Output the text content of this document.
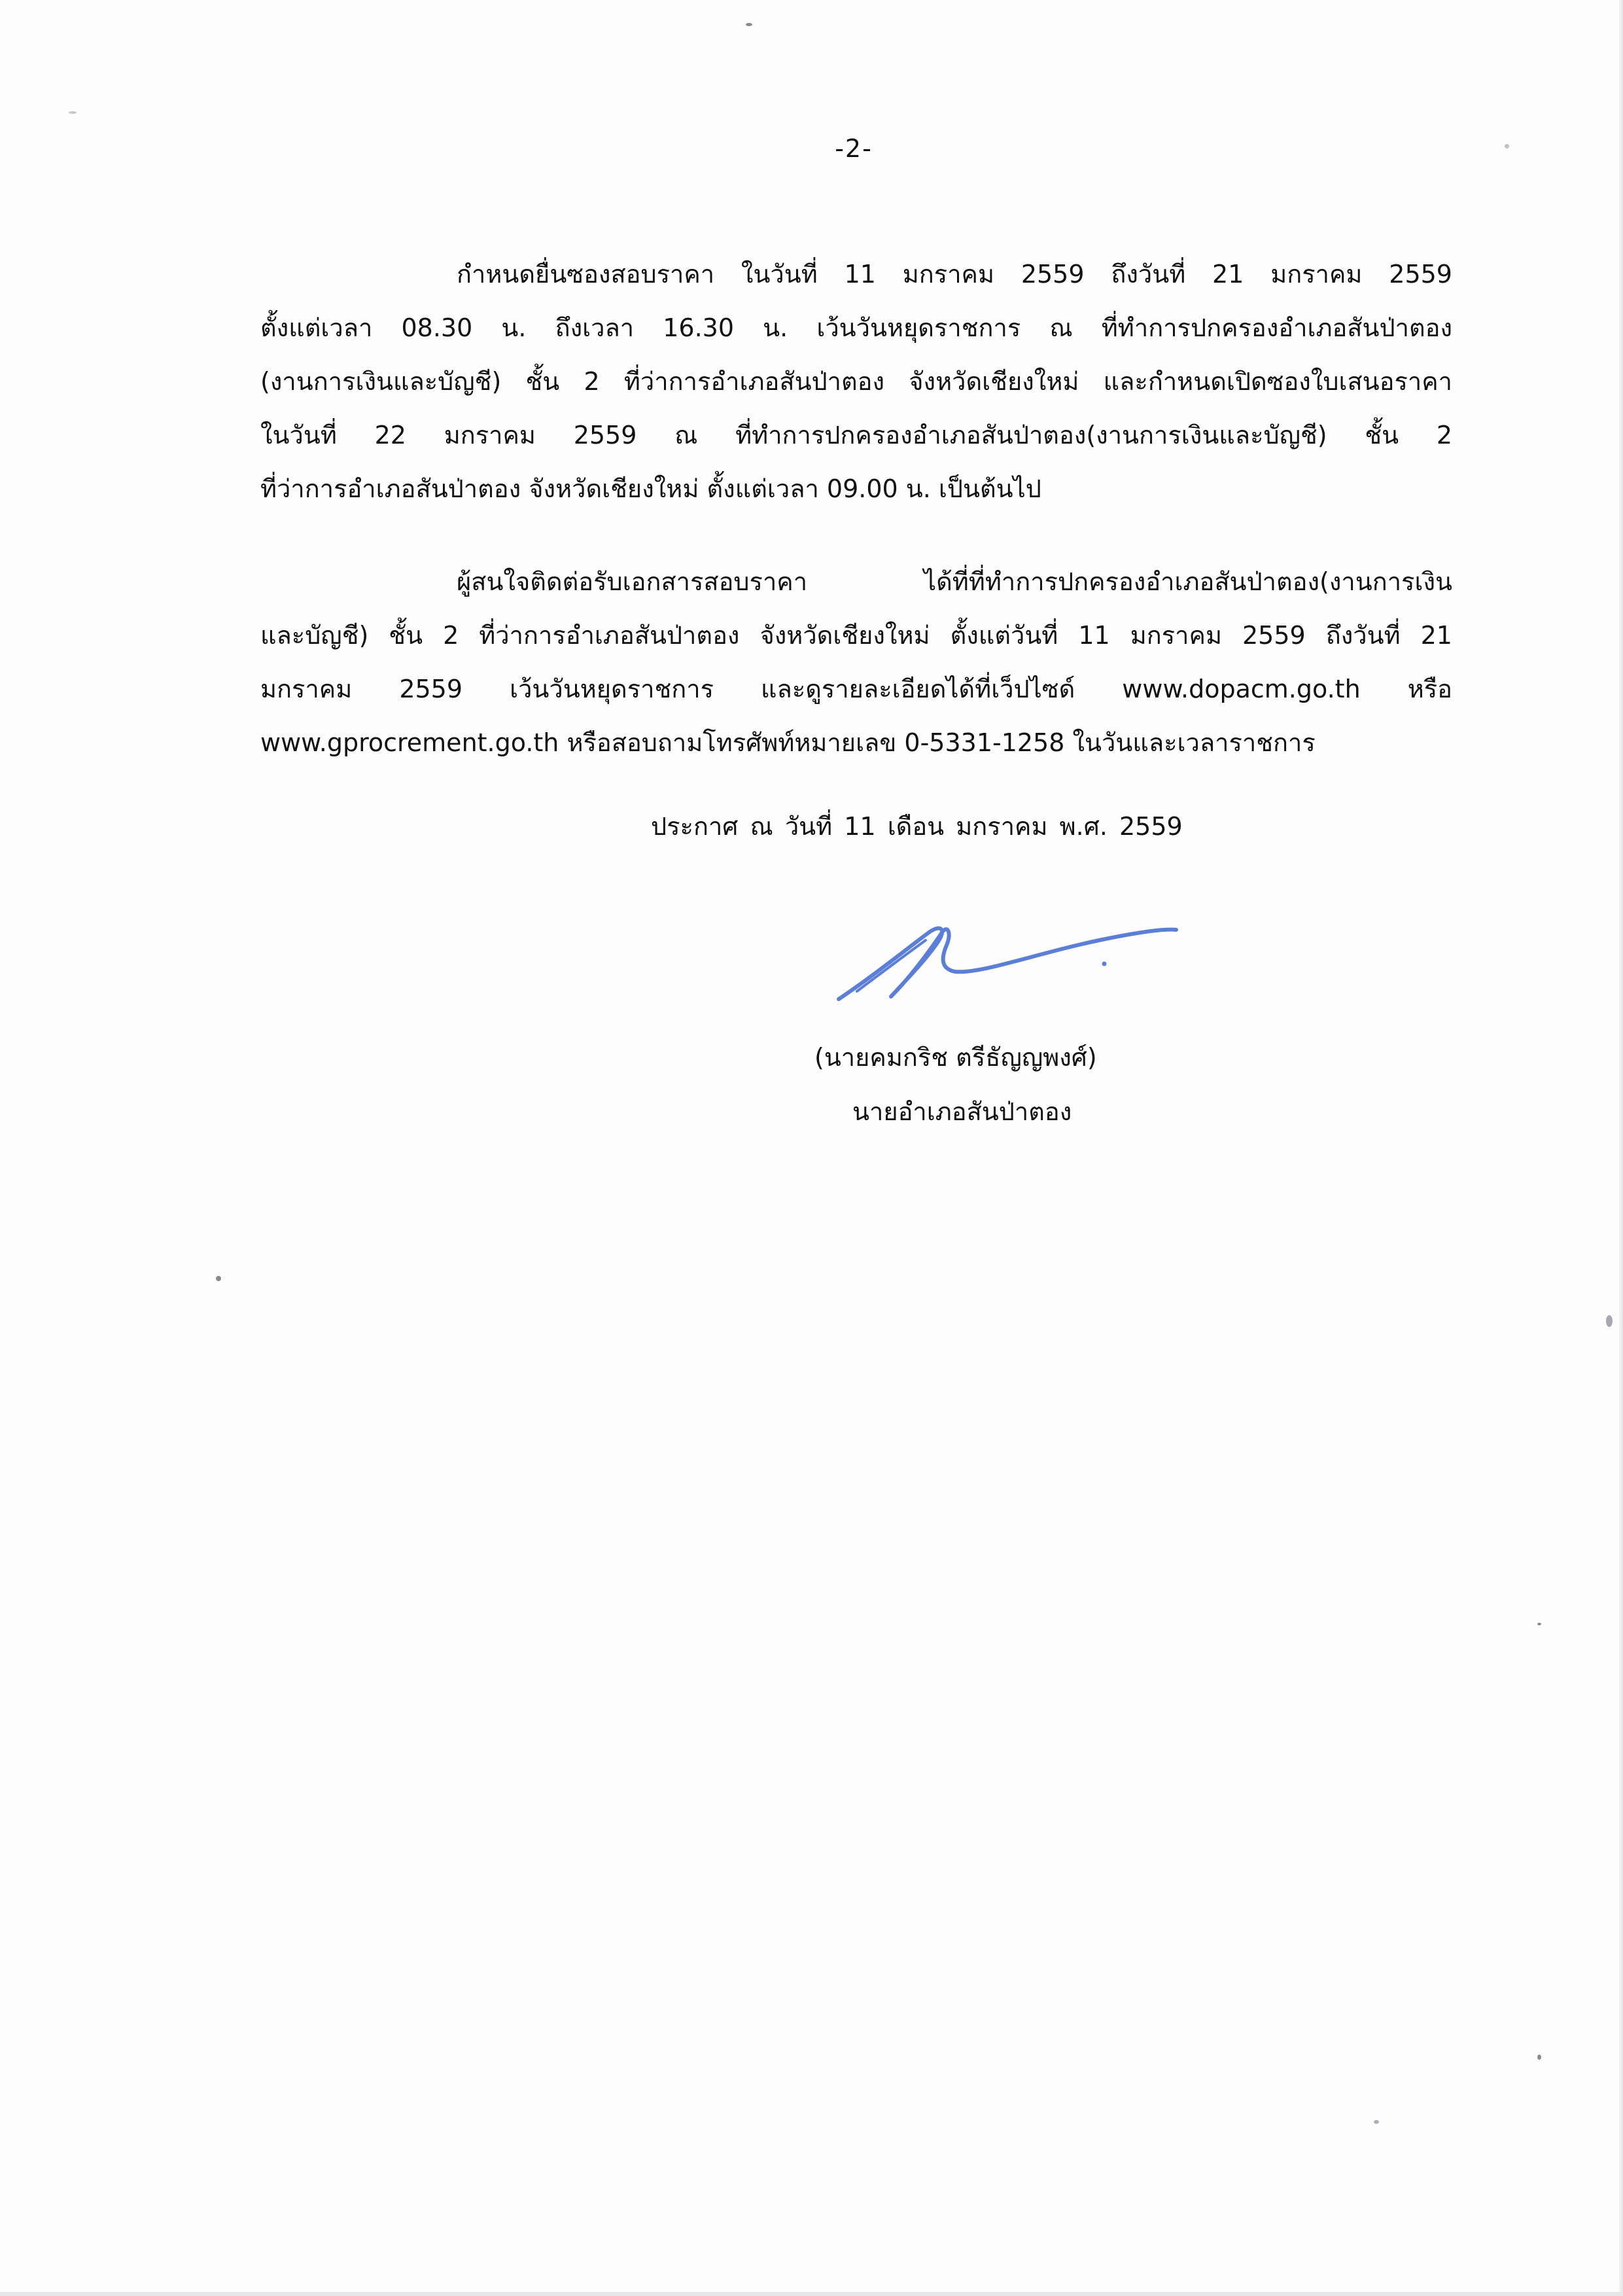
-2-

กำหนดยื่นซองสอบราคา ในวันที่ 11 มกราคม 2559 ถึงวันที่ 21 มกราคม 2559
ตั้งแต่เวลา 08.30 น. ถึงเวลา 16.30 น. เว้นวันหยุดราชการ ณ ที่ทำการปกครองอำเภอสันป่าตอง
(งานการเงินและบัญชี) ชั้น 2 ที่ว่าการอำเภอสันป่าตอง จังหวัดเชียงใหม่ และกำหนดเปิดซองใบเสนอราคา
ในวันที่ 22 มกราคม 2559 ณ ที่ทำการปกครองอำเภอสันป่าตอง(งานการเงินและบัญชี) ชั้น 2
ที่ว่าการอำเภอสันป่าตอง จังหวัดเชียงใหม่ ตั้งแต่เวลา 09.00 น. เป็นต้นไป

ผู้สนใจติดต่อรับเอกสารสอบราคา ได้ที่ที่ทำการปกครองอำเภอสันป่าตอง(งานการเงิน
และบัญชี) ชั้น 2 ที่ว่าการอำเภอสันป่าตอง จังหวัดเชียงใหม่ ตั้งแต่วันที่ 11 มกราคม 2559 ถึงวันที่ 21
มกราคม 2559 เว้นวันหยุดราชการ และดูรายละเอียดได้ที่เว็ปไซด์ www.dopacm.go.th หรือ
www.gprocrement.go.th หรือสอบถามโทรศัพท์หมายเลข 0-5331-1258 ในวันและเวลาราชการ

ประกาศ ณ วันที่ 11 เดือน มกราคม พ.ศ. 2559
(นายคมกริช ตรีธัญญพงศ์)
นายอำเภอสันป่าตอง
